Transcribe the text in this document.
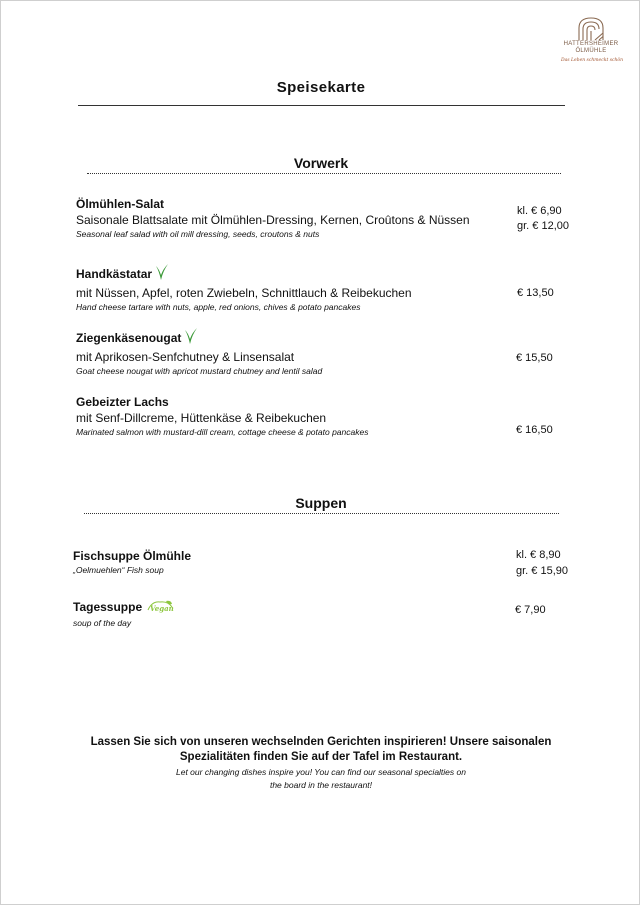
HATTERSHEIMER
ÖLMÜHLE
Das Leben schmeckt schön
Speisekarte
Vorwerk
Ölmühlen-Salat
Saisonale Blattsalate mit Ölmühlen-Dressing, Kernen, Croûtons & Nüssen
Seasonal leaf salad with oil mill dressing, seeds, croutons & nuts
kl. € 6,90
gr. € 12,00
Handkästatar
mit Nüssen, Apfel, roten Zwiebeln, Schnittlauch & Reibekuchen
Hand cheese tartare with nuts, apple, red onions, chives & potato pancakes
€ 13,50
Ziegenkäsenougat
mit Aprikosen-Senfchutney & Linsensalat
Goat cheese nougat with apricot mustard chutney and lentil salad
€ 15,50
Gebeizter Lachs
mit Senf-Dillcreme, Hüttenkäse & Reibekuchen
Marinated salmon with mustard-dill cream, cottage cheese & potato pancakes	€ 16,50
Suppen
Fischsuppe Ölmühle
„Oelmuehlen“ Fish soup
kl. € 8,90
gr. € 15,90
Tagessuppe Vegan
soup of the day
€ 7,90
Lassen Sie sich von unseren wechselnden Gerichten inspirieren! Unsere saisonalen
Spezialitäten finden Sie auf der Tafel im Restaurant.
Let our changing dishes inspire you! You can find our seasonal specialties on
the board in the restaurant!
